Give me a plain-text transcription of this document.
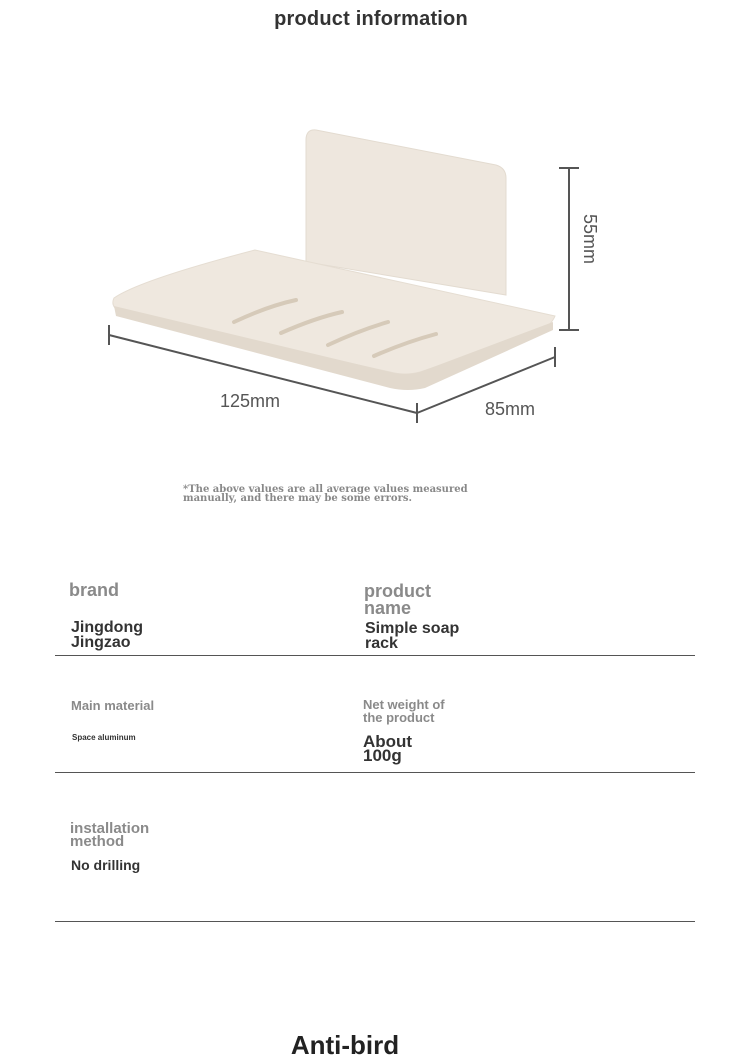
product information
125mm	85mm
55mm
*The above values are all average values measured
manually, and there may be some errors.
brand
Jingdong
Jingzao
product
name
Simple soap
rack
Main material
Space aluminum
Net weight of
the product
About
100g
installation
method
No drilling
Anti-bird
